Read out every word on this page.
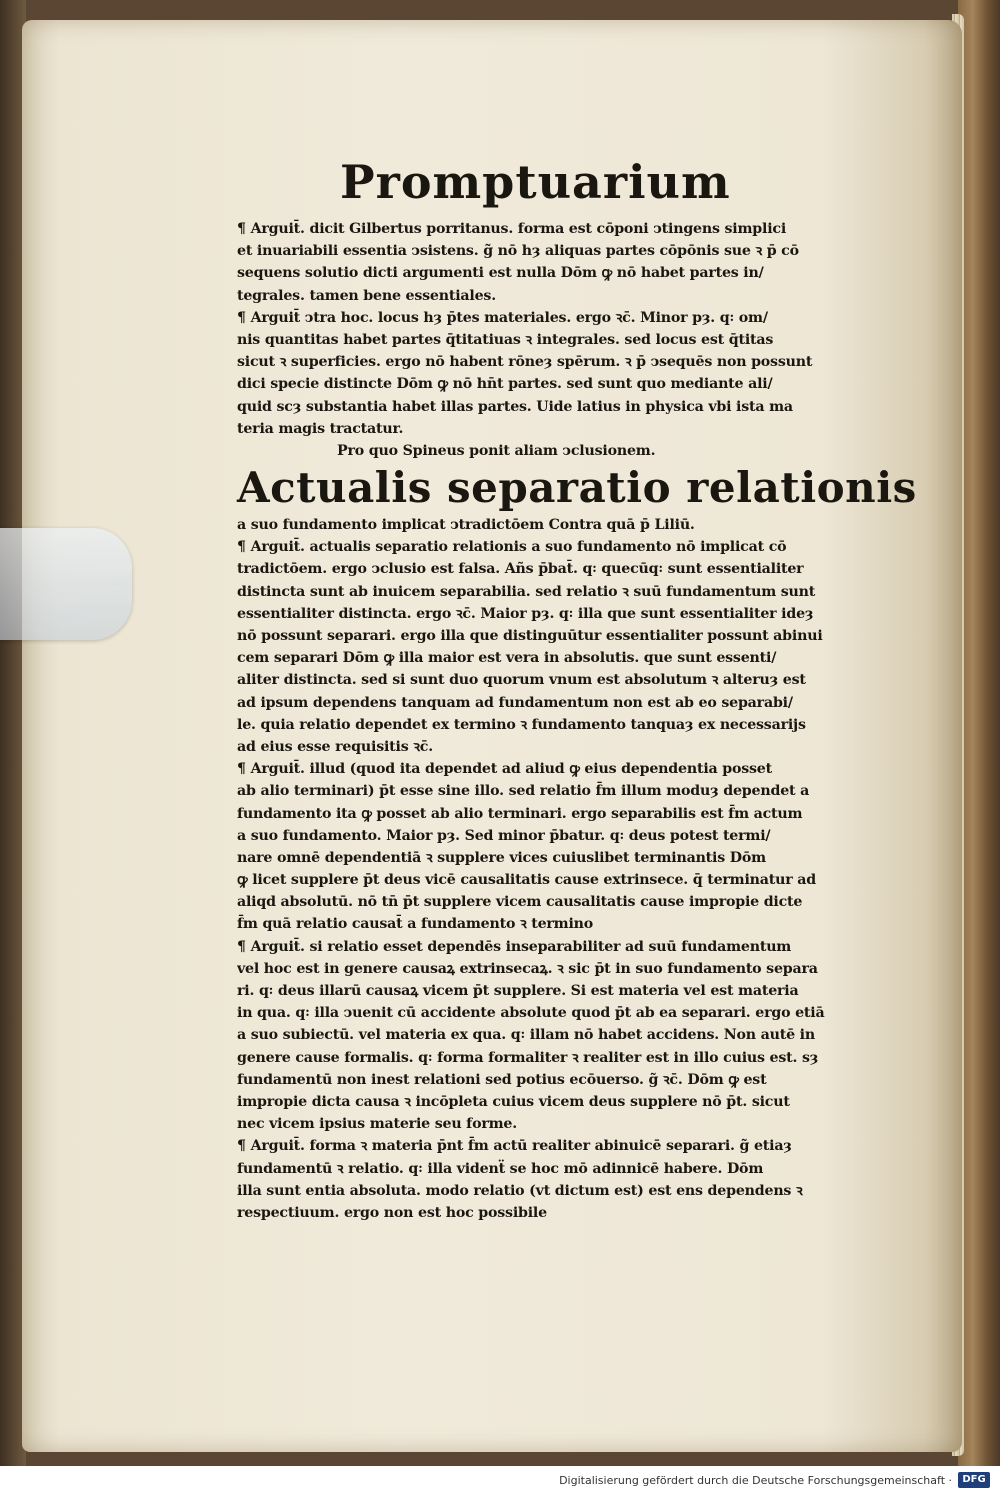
Promptuarium
¶ Arguit̄. dicit Gilbertus porritanus. forma est cōponi ↄtingens simplici
et inuariabili essentia ↄsistens. g̃ nō hȝ aliquas partes cōpōnis sue ꝛ p̄ cō
sequens solutio dicti argumenti est nulla Dōm ꝙ nō habet partes in/
tegrales. tamen bene essentiales.
¶ Arguit̄ ↄtra hoc. locus hȝ p̄tes materiales. ergo ꝛc̄. Minor pȝ. q꞉ om/
nis quantitas habet partes q̄titatiuas ꝛ integrales. sed locus est q̄titas
sicut ꝛ superficies. ergo nō habent rōneȝ spērum. ꝛ p̄ ↄsequēs non possunt
dici specie distincte Dōm ꝙ nō hn̄t partes. sed sunt quo mediante ali/
quid scȝ substantia habet illas partes. Uide latius in physica vbi ista ma
teria magis tractatur.
Pro quo Spineus ponit aliam ↄclusionem.
Actualis separatio relationis
a suo fundamento implicat ↄtradictōem Contra quā p̄ Liliū.
¶ Arguit̄. actualis separatio relationis a suo fundamento nō implicat cō
tradictōem. ergo ↄclusio est falsa. Añs p̄bat̄. q꞉ quecūq꞉ sunt essentialiter
distincta sunt ab inuicem separabilia. sed relatio ꝛ suū fundamentum sunt
essentialiter distincta. ergo ꝛc̄. Maior pȝ. q꞉ illa que sunt essentialiter ideȝ
nō possunt separari. ergo illa que distinguūtur essentialiter possunt abinui
cem separari Dōm ꝙ illa maior est vera in absolutis. que sunt essenti/
aliter distincta. sed si sunt duo quorum vnum est absolutum ꝛ alteruȝ est
ad ipsum dependens tanquam ad fundamentum non est ab eo separabi/
le. quia relatio dependet ex termino ꝛ fundamento tanquaȝ ex necessarijs
ad eius esse requisitis ꝛc̄.
¶ Arguit̄. illud (quod ita dependet ad aliud ꝙ eius dependentia posset
ab alio terminari) p̄t esse sine illo. sed relatio f̄m illum moduȝ dependet a
fundamento ita ꝙ posset ab alio terminari. ergo separabilis est f̄m actum
a suo fundamento. Maior pȝ. Sed minor p̄batur. q꞉ deus potest termi/
nare omnē dependentiā ꝛ supplere vices cuiuslibet terminantis Dōm
ꝙ licet supplere p̄t deus vicē causalitatis cause extrinsece. q̄ terminatur ad
aliqd absolutū. nō tn̄ p̄t supplere vicem causalitatis cause impropie dicte
f̄m quā relatio causat̄ a fundamento ꝛ termino
¶ Arguit̄. si relatio esset dependēs inseparabiliter ad suū fundamentum
vel hoc est in genere causaꝝ extrinsecaꝝ. ꝛ sic p̄t in suo fundamento separa
ri. q꞉ deus illarū causaꝝ vicem p̄t supplere. Si est materia vel est materia
in qua. q꞉ illa ↄuenit cū accidente absolute quod p̄t ab ea separari. ergo etiā
a suo subiectū. vel materia ex qua. q꞉ illam nō habet accidens. Non autē in
genere cause formalis. q꞉ forma formaliter ꝛ realiter est in illo cuius est. sȝ
fundamentū non inest relationi sed potius ecōuerso. g̃ ꝛc̄. Dōm ꝙ est
impropie dicta causa ꝛ incōpleta cuius vicem deus supplere nō p̄t. sicut
nec vicem ipsius materie seu forme.
¶ Arguit̄. forma ꝛ materia p̄nt f̄m actū realiter abinuicē separari. g̃ etiaȝ
fundamentū ꝛ relatio. q꞉ illa videnẗ se hoc mō adinnicē habere. Dōm
illa sunt entia absoluta. modo relatio (vt dictum est) est ens dependens ꝛ
respectiuum. ergo non est hoc possibile
Digitalisierung gefördert durch die Deutsche Forschungsgemeinschaft ·	DFG
